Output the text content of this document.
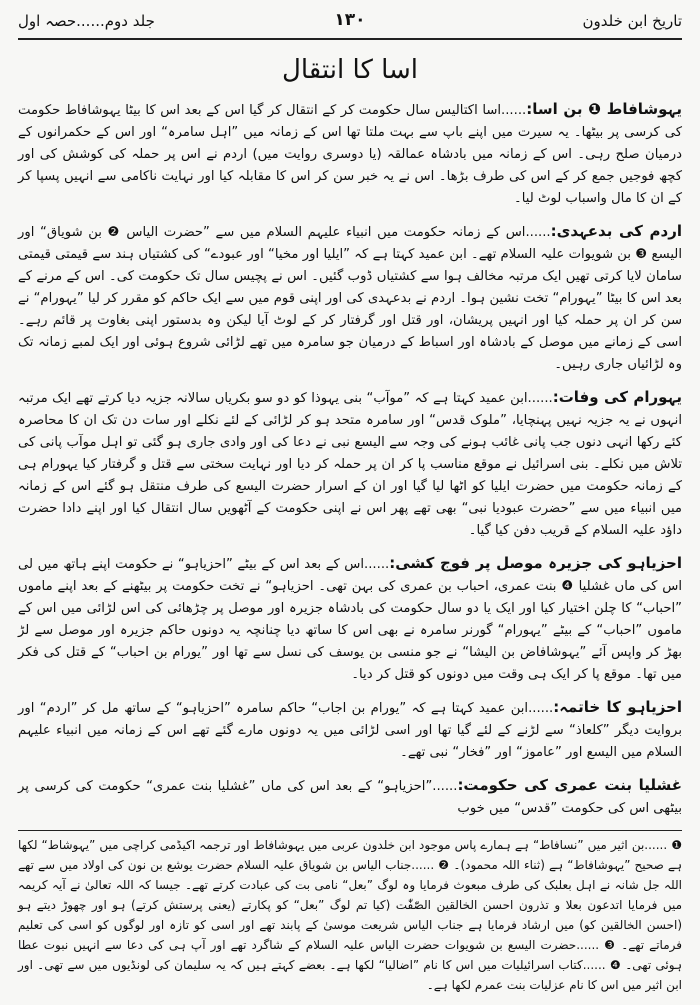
تاریخ ابن خلدون
۱۳۰
جلد دوم......حصہ اول
اسا کا انتقال

یہوشافاط ❶ بن اسا:......اسا اکتالیس سال حکومت کر کے انتقال کر گیا اس کے بعد اس کا بیٹا یہوشافاط حکومت کی کرسی پر بیٹھا۔ یہ سیرت میں اپنے باپ سے بہت ملتا تھا اس کے زمانہ میں ”اہل سامرہ“ اور اس کے حکمرانوں کے درمیان صلح رہی۔ اس کے زمانہ میں بادشاہ عمالقہ (یا دوسری روایت میں) اردم نے اس پر حملہ کی کوشش کی اور کچھ فوجیں جمع کر کے اس کی طرف بڑھا۔ اس نے یہ خبر سن کر اس کا مقابلہ کیا اور نہایت ناکامی سے انہیں پسپا کر کے ان کا مال واسباب لوٹ لیا۔

اردم کی بدعہدی:......اس کے زمانہ حکومت میں انبیاء علیہم السلام میں سے ”حضرت الیاس ❷ بن شویاق“ اور الیسع ❸ بن شویوات علیہ السلام تھے۔ ابن عمید کہتا ہے کہ ”ایلیا اور مخیا“ اور عبودے“ کی کشتیاں ہند سے قیمتی قیمتی سامان لایا کرتی تھیں ایک مرتبہ مخالف ہوا سے کشتیاں ڈوب گئیں۔ اس نے پچیس سال تک حکومت کی۔ اس کے مرنے کے بعد اس کا بیٹا ”یہورام“ تخت نشین ہوا۔ اردم نے بدعہدی کی اور اپنی قوم میں سے ایک حاکم کو مقرر کر لیا ”یہورام“ نے سن کر ان پر حملہ کیا اور انہیں پریشان، اور قتل اور گرفتار کر کے لوٹ آیا لیکن وہ بدستور اپنی بغاوت پر قائم رہے۔ اسی کے زمانے میں موصل کے بادشاہ اور اسباط کے درمیان جو سامرہ میں تھے لڑائی شروع ہوئی اور ایک لمبے زمانہ تک وہ لڑائیاں جاری رہیں۔

یہورام کی وفات:......ابن عمید کہتا ہے کہ ”موآب“ بنی یہوذا کو دو سو بکریاں سالانہ جزیہ دیا کرتے تھے ایک مرتبہ انہوں نے یہ جزیہ نہیں پہنچایا، ”ملوک قدس“ اور سامرہ متحد ہو کر لڑائی کے لئے نکلے اور سات دن تک ان کا محاصرہ کئے رکھا انہی دنوں جب پانی غائب ہونے کی وجہ سے الیسع نبی نے دعا کی اور وادی جاری ہو گئی تو اہل موآب پانی کی تلاش میں نکلے۔ بنی اسرائیل نے موقع مناسب پا کر ان پر حملہ کر دیا اور نہایت سختی سے قتل و گرفتار کیا یہورام ہی کے زمانہ حکومت میں حضرت ایلیا کو اٹھا لیا گیا اور ان کے اسرار حضرت الیسع کی طرف منتقل ہو گئے اس کے زمانہ میں انبیاء میں سے ”حضرت عبودیا نبی“ بھی تھے پھر اس نے اپنی حکومت کے آٹھویں سال انتقال کیا اور اپنے دادا حضرت داؤد علیہ السلام کے قریب دفن کیا گیا۔

احزیاہو کی جزیرہ موصل پر فوج کشی:......اس کے بعد اس کے بیٹے ”احزیاہو“ نے حکومت اپنے ہاتھ میں لی اس کی ماں غشلیا ❹ بنت عمری، احباب بن عمری کی بہن تھی۔ احزیاہو“ نے تخت حکومت پر بیٹھنے کے بعد اپنے ماموں ”احباب“ کا چلن اختیار کیا اور ایک یا دو سال حکومت کی بادشاہ جزیرہ اور موصل پر چڑھائی کی اس لڑائی میں اس کے ماموں ”احباب“ کے بیٹے ”یہورام“ گورنر سامرہ نے بھی اس کا ساتھ دیا چنانچہ یہ دونوں حاکم جزیرہ اور موصل سے لڑ بھڑ کر واپس آئے ”یہوشافاض بن الیشا“ نے جو منسی بن یوسف کی نسل سے تھا اور ”یورام بن احباب“ کے قتل کی فکر میں تھا۔ موقع پا کر ایک ہی وقت میں دونوں کو قتل کر دیا۔

احزیاہو کا خاتمہ:......ابن عمید کہتا ہے کہ ”یورام بن اجاب“ حاکم سامرہ ”احزیاہو“ کے ساتھ مل کر ”اردم“ اور بروایت دیگر ”کلعاذ“ سے لڑنے کے لئے گیا تھا اور اسی لڑائی میں یہ دونوں مارے گئے تھے اس کے زمانہ میں انبیاء علیہم السلام میں الیسع اور ”عاموز“ اور ”فخار“ نبی تھے۔

غشلیا بنت عمری کی حکومت:......”احزیاہو“ کے بعد اس کی ماں ”غشلیا بنت عمری“ حکومت کی کرسی پر بیٹھی اس کی حکومت ”قدس“ میں خوب

❶ ......بن اثیر میں ”نسافاط“ ہے ہمارے پاس موجود ابن خلدون عربی میں یہوشافاط اور ترجمہ اکیڈمی کراچی میں ”یہوشاط“ لکھا ہے صحیح ”یہوشافاط“ ہے (ثناء اللہ محمود)۔ ❷ ......جناب الیاس بن شویاق علیہ السلام حضرت یوشع بن نون کی اولاد میں سے تھے اللہ جل شانہ نے اہل بعلبک کی طرف مبعوث فرمایا وہ لوگ ”بعل“ نامی بت کی عبادت کرتے تھے۔ جیسا کہ اللہ تعالیٰ نے آیہ کریمہ میں فرمایا اتدعون بعلا و تذرون احسن الخالقین الصّٰفّٰت (کیا تم لوگ ”بعل“ کو پکارتے (یعنی پرستش کرتے) ہو اور چھوڑ دیتے ہو (احسن الخالقین کو) میں ارشاد فرمایا ہے جناب الیاس شریعت موسیٰ کے پابند تھے اور اسی کو تازہ اور لوگوں کو اسی کی تعلیم فرماتے تھے۔ ❸ ......حضرت الیسع بن شویوات حضرت الیاس علیہ السلام کے شاگرد تھے اور آپ ہی کی دعا سے انہیں نبوت عطا ہوئی تھی۔ ❹ ......کتاب اسرائیلیات میں اس کا نام ”اضالیا“ لکھا ہے۔ بعضے کہتے ہیں کہ یہ سلیمان کی لونڈیوں میں سے تھی۔ اور ابن اثیر میں اس کا نام عزلیات بنت عمرم لکھا ہے۔
